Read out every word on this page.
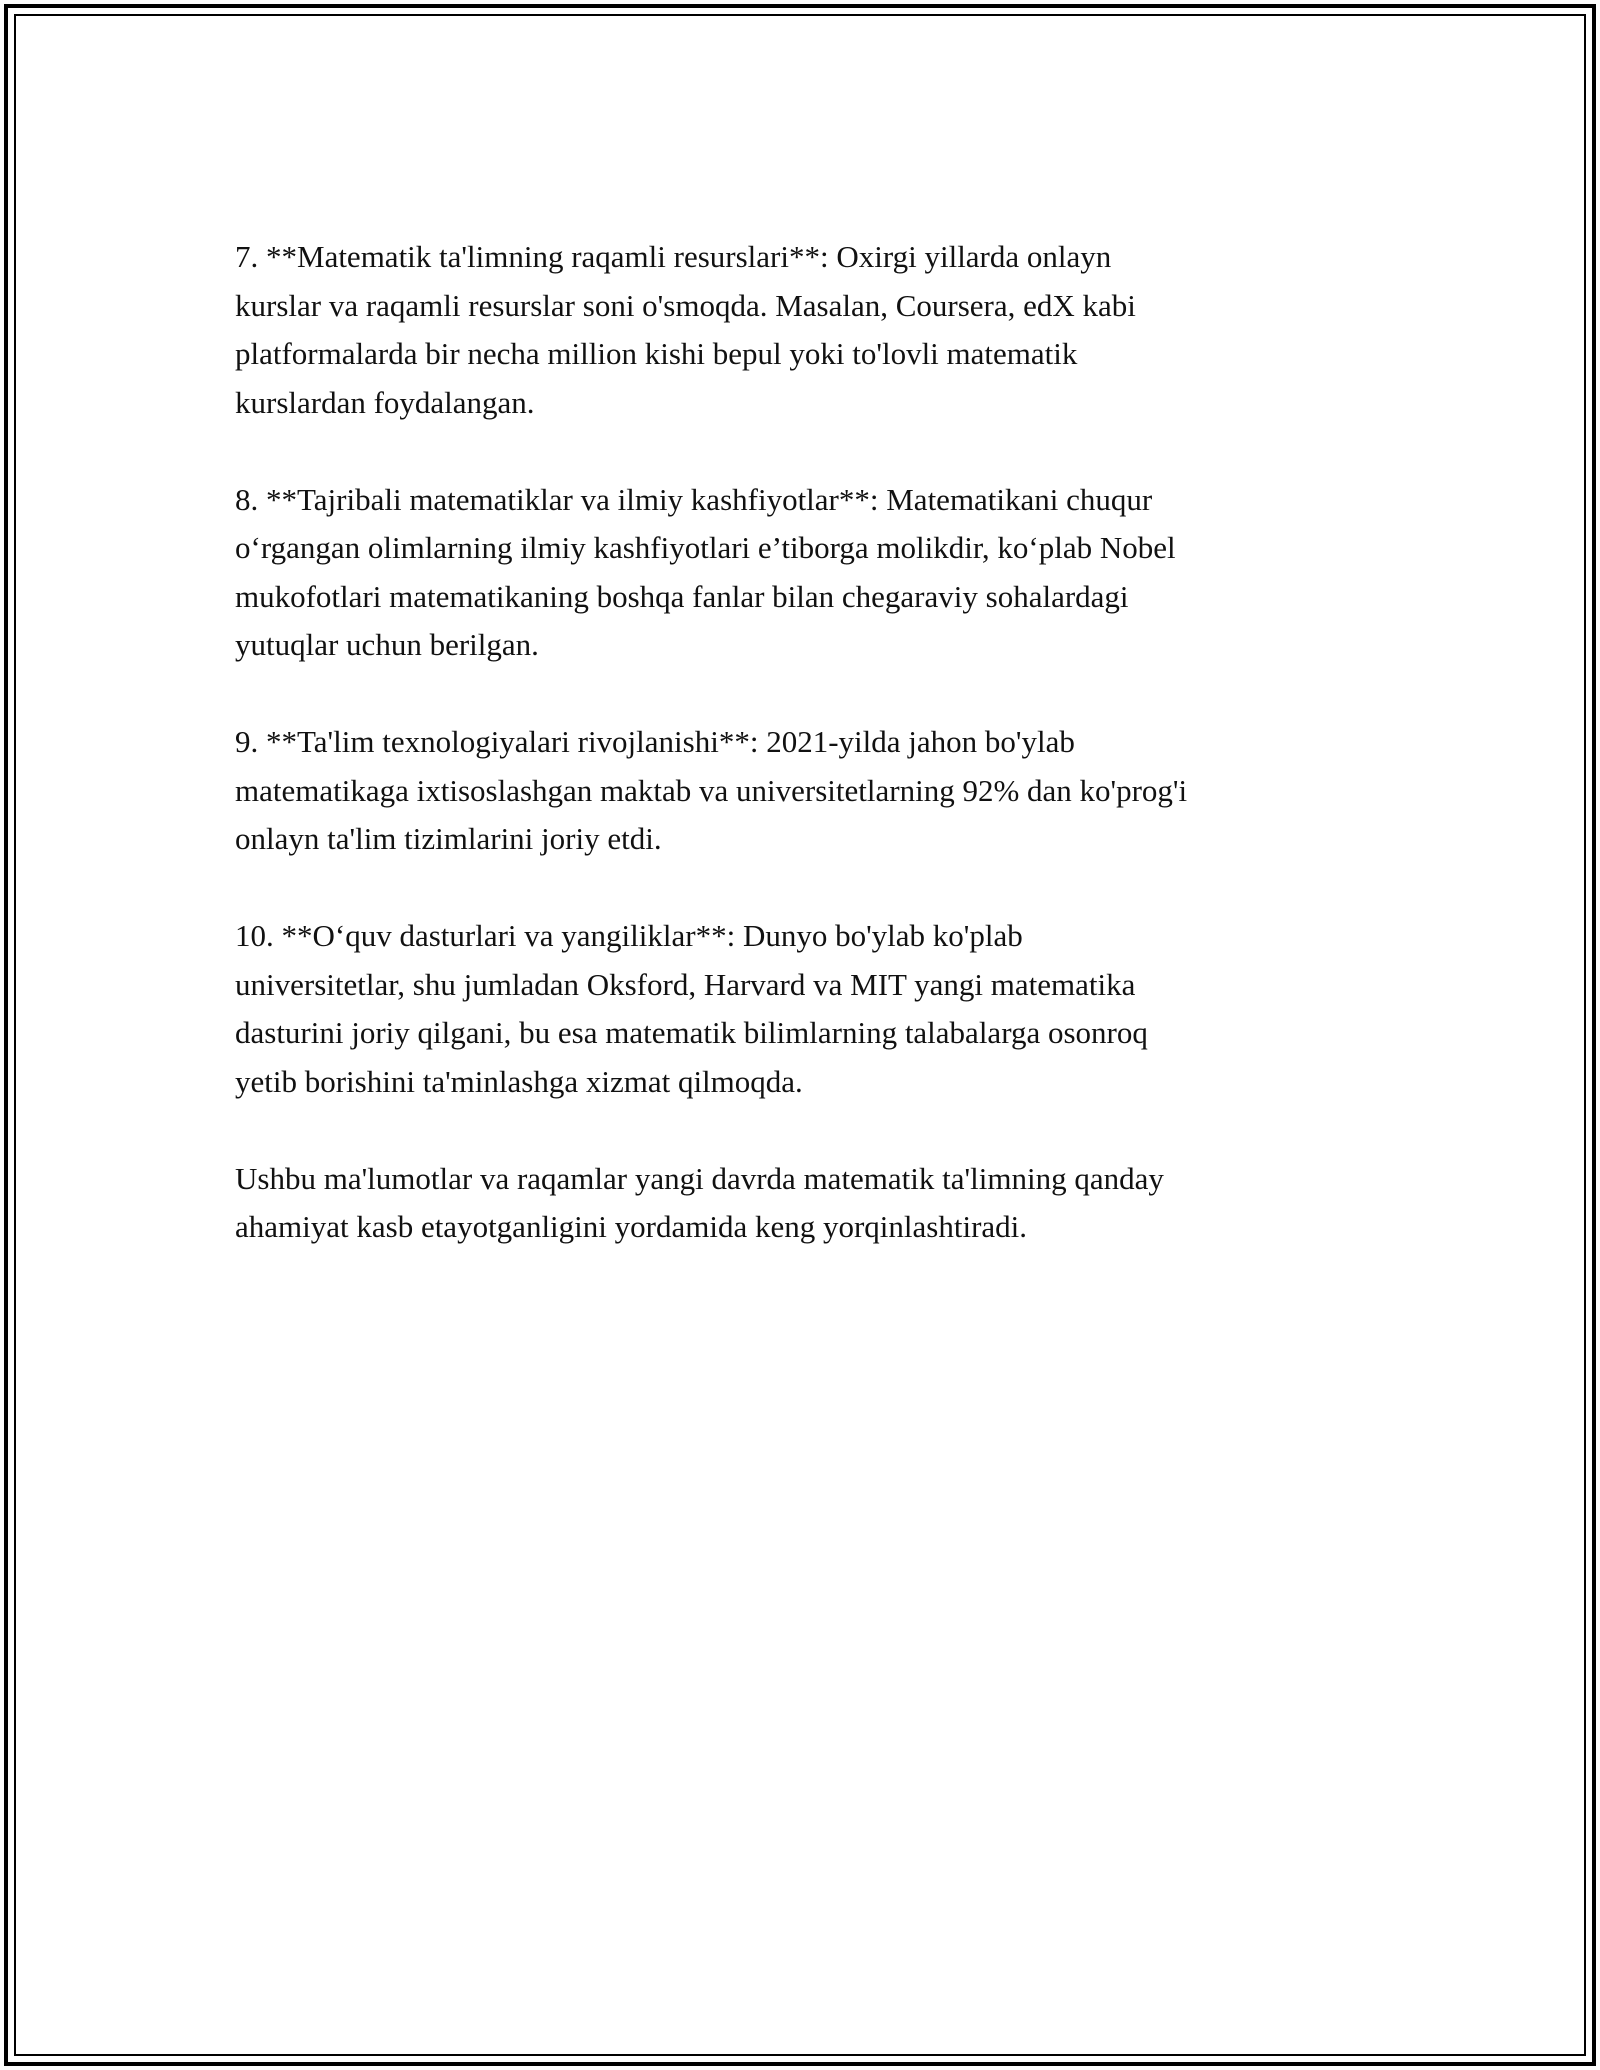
7. **Matematik ta'limning raqamli resurslari**: Oxirgi yillarda onlayn
kurslar va raqamli resurslar soni o'smoqda. Masalan, Coursera, edX kabi
platformalarda bir necha million kishi bepul yoki to'lovli matematik
kurslardan foydalangan.

8. **Tajribali matematiklar va ilmiy kashfiyotlar**: Matematikani chuqur
o‘rgangan olimlarning ilmiy kashfiyotlari e’tiborga molikdir, ko‘plab Nobel
mukofotlari matematikaning boshqa fanlar bilan chegaraviy sohalardagi
yutuqlar uchun berilgan.

9. **Ta'lim texnologiyalari rivojlanishi**: 2021-yilda jahon bo'ylab
matematikaga ixtisoslashgan maktab va universitetlarning 92% dan ko'prog'i
onlayn ta'lim tizimlarini joriy etdi.

10. **O‘quv dasturlari va yangiliklar**: Dunyo bo'ylab ko'plab
universitetlar, shu jumladan Oksford, Harvard va MIT yangi matematika
dasturini joriy qilgani, bu esa matematik bilimlarning talabalarga osonroq
yetib borishini ta'minlashga xizmat qilmoqda.

Ushbu ma'lumotlar va raqamlar yangi davrda matematik ta'limning qanday
ahamiyat kasb etayotganligini yordamida keng yorqinlashtiradi.
